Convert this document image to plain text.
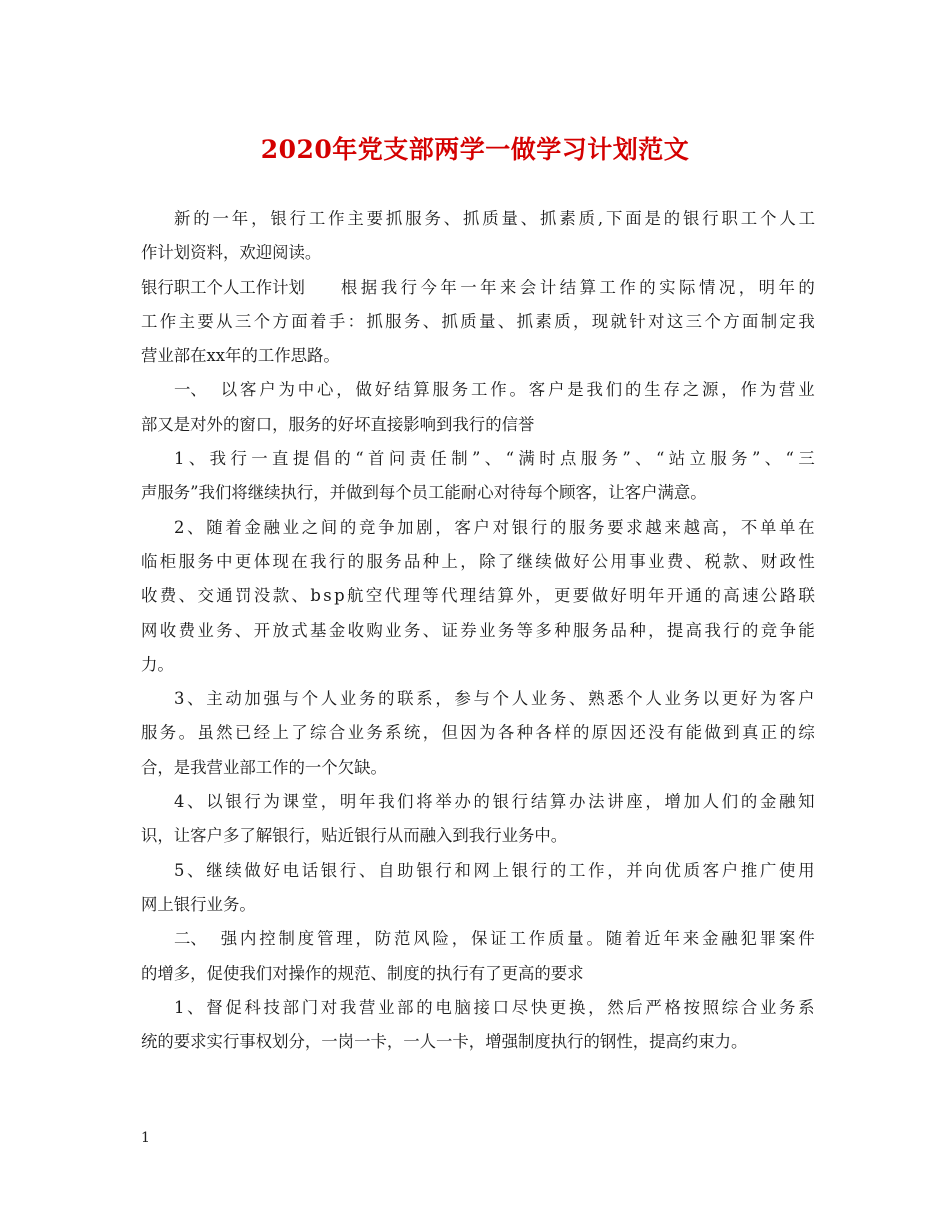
2020年党支部两学一做学习计划范文
新 的 一 年 ， 银 行 工 作 主 要 抓 服 务 、 抓 质 量 、 抓 素 质 , 下 面 是 的 银 行 职 工 个 人 工
作计划资料，欢迎阅读。
银行职工个人工作计划 根 据 我 行 今 年 一 年 来 会 计 结 算 工 作 的 实 际 情 况 ， 明 年 的
工 作 主 要 从 三 个 方 面 着 手 ： 抓 服 务 、 抓 质 量 、 抓 素 质 ， 现 就 针 对 这 三 个 方 面 制 定 我
营业部在xx年的工作思路。
一、 以 客 户 为 中 心 ， 做 好 结 算 服 务 工 作 。 客 户 是 我 们 的 生 存 之 源 ， 作 为 营 业
部又是对外的窗口，服务的好坏直接影响到我行的信誉
1 、 我 行 一 直 提 倡 的 “ 首 问 责 任 制 ” 、 “ 满 时 点 服 务 ” 、 “ 站 立 服 务 ” 、 “ 三
声服务”我们将继续执行，并做到每个员工能耐心对待每个顾客，让客户满意。
2 、 随 着 金 融 业 之 间 的 竞 争 加 剧 ， 客 户 对 银 行 的 服 务 要 求 越 来 越 高 ， 不 单 单 在
临 柜 服 务 中 更 体 现 在 我 行 的 服 务 品 种 上 ， 除 了 继 续 做 好 公 用 事 业 费 、 税 款 、 财 政 性
收 费 、 交 通 罚 没 款 、 b s p 航 空 代 理 等 代 理 结 算 外 ， 更 要 做 好 明 年 开 通 的 高 速 公 路 联
网 收 费 业 务 、 开 放 式 基 金 收 购 业 务 、 证 券 业 务 等 多 种 服 务 品 种 ， 提 高 我 行 的 竞 争 能
力。
3 、 主 动 加 强 与 个 人 业 务 的 联 系 ， 参 与 个 人 业 务 、 熟 悉 个 人 业 务 以 更 好 为 客 户
服 务 。 虽 然 已 经 上 了 综 合 业 务 系 统 ， 但 因 为 各 种 各 样 的 原 因 还 没 有 能 做 到 真 正 的 综
合，是我营业部工作的一个欠缺。
4 、 以 银 行 为 课 堂 ， 明 年 我 们 将 举 办 的 银 行 结 算 办 法 讲 座 ， 增 加 人 们 的 金 融 知
识，让客户多了解银行，贴近银行从而融入到我行业务中。
5 、 继 续 做 好 电 话 银 行 、 自 助 银 行 和 网 上 银 行 的 工 作 ， 并 向 优 质 客 户 推 广 使 用
网上银行业务。
二、 强 内 控 制 度 管 理 ， 防 范 风 险 ， 保 证 工 作 质 量 。 随 着 近 年 来 金 融 犯 罪 案 件
的增多，促使我们对操作的规范、制度的执行有了更高的要求
1 、 督 促 科 技 部 门 对 我 营 业 部 的 电 脑 接 口 尽 快 更 换 ， 然 后 严 格 按 照 综 合 业 务 系
统的要求实行事权划分，一岗一卡，一人一卡，增强制度执行的钢性，提高约束力。
1
